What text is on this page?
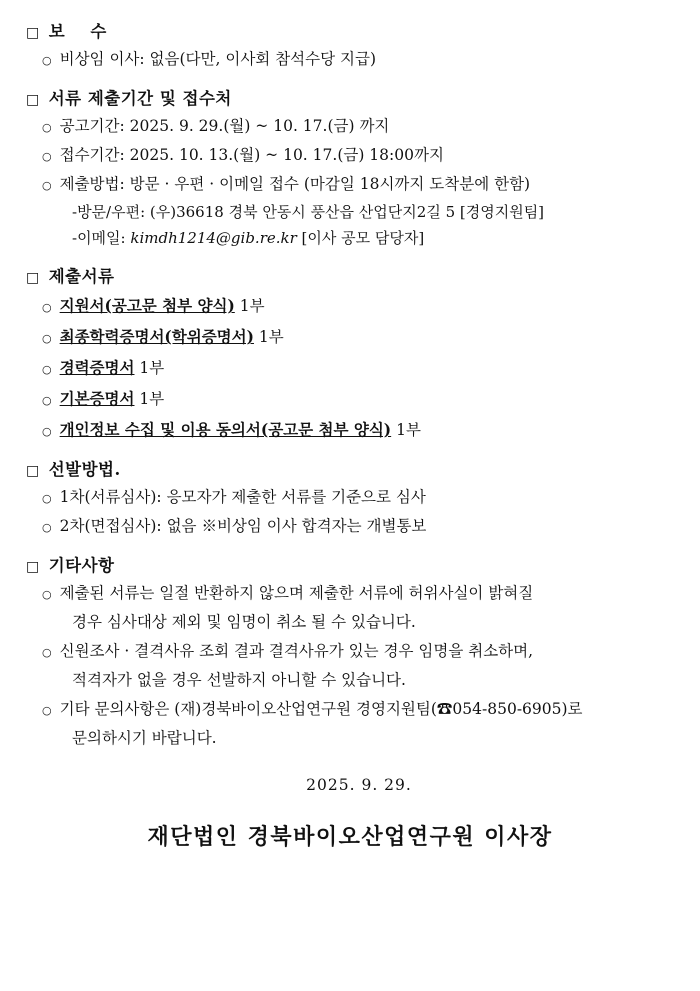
□ 보 수
○ 비상임 이사: 없음(다만, 이사회 참석수당 지급)
□ 서류 제출기간 및 접수처
○ 공고기간: 2025. 9. 29.(월) ~ 10. 17.(금) 까지
○ 접수기간: 2025. 10. 13.(월) ~ 10. 17.(금) 18:00까지
○ 제출방법: 방문 · 우편 · 이메일 접수 (마감일 18시까지 도착분에 한함)
-방문/우편: (우)36618 경북 안동시 풍산읍 산업단지2길 5 [경영지원팀]
-이메일: kimdh1214@gib.re.kr [이사 공모 담당자]
□ 제출서류
○ 지원서(공고문 첨부 양식) 1부
○ 최종학력증명서(학위증명서) 1부
○ 경력증명서 1부
○ 기본증명서 1부
○ 개인정보 수집 및 이용 동의서(공고문 첨부 양식) 1부
□ 선발방법.
○ 1차(서류심사): 응모자가 제출한 서류를 기준으로 심사
○ 2차(면접심사): 없음 ※비상임 이사 합격자는 개별통보
□ 기타사항
○ 제출된 서류는 일절 반환하지 않으며 제출한 서류에 허위사실이 밝혀질
경우 심사대상 제외 및 임명이 취소 될 수 있습니다.
○ 신원조사 · 결격사유 조회 결과 결격사유가 있는 경우 임명을 취소하며,
적격자가 없을 경우 선발하지 아니할 수 있습니다.
○ 기타 문의사항은 (재)경북바이오산업연구원 경영지원팀(☎054-850-6905)로
문의하시기 바랍니다.
2025. 9. 29.
재단법인 경북바이오산업연구원 이사장
